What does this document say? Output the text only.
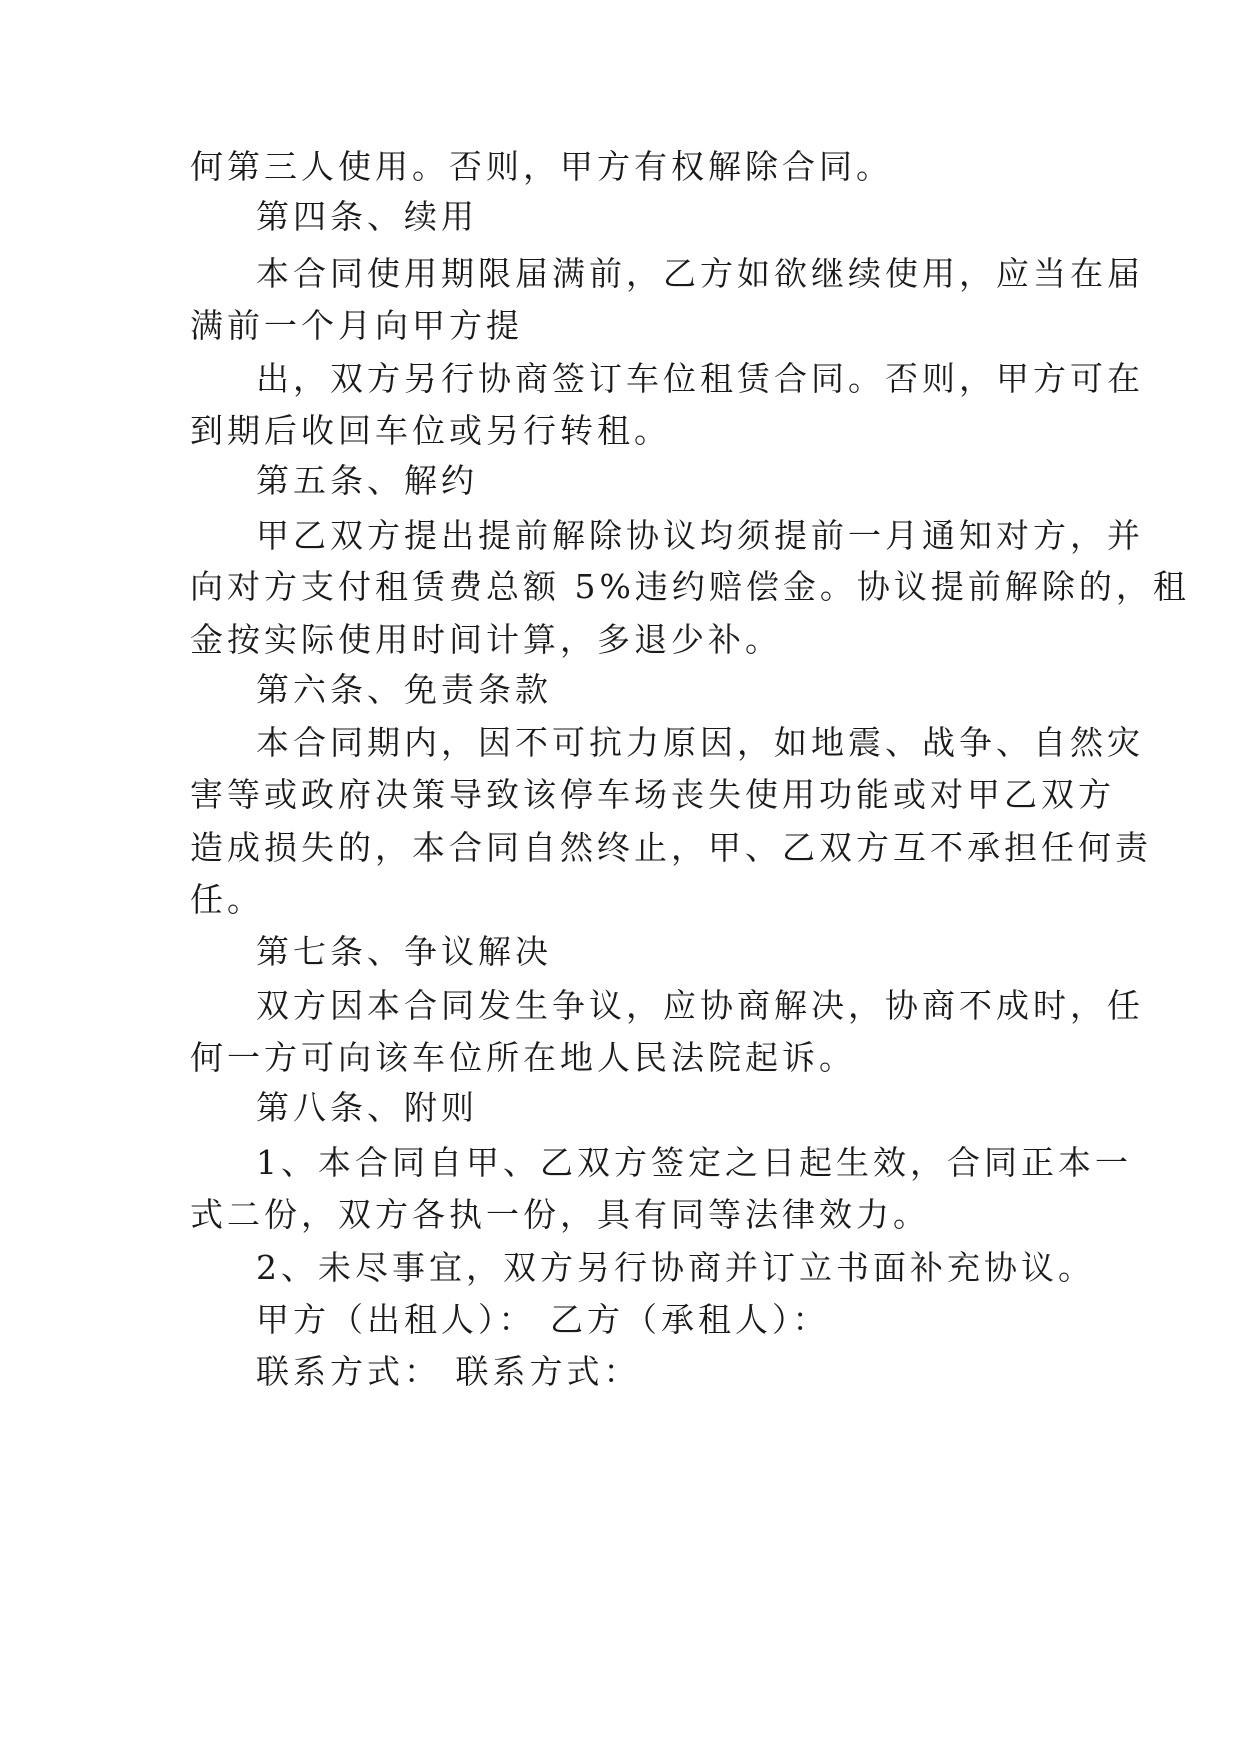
何第三人使用。否则，甲方有权解除合同。
第四条、续用
本合同使用期限届满前，乙方如欲继续使用，应当在届
满前一个月向甲方提
出，双方另行协商签订车位租赁合同。否则，甲方可在
到期后收回车位或另行转租。
第五条、解约
甲乙双方提出提前解除协议均须提前一月通知对方，并
向对方支付租赁费总额 5%违约赔偿金。协议提前解除的，租
金按实际使用时间计算，多退少补。
第六条、免责条款
本合同期内，因不可抗力原因，如地震、战争、自然灾
害等或政府决策导致该停车场丧失使用功能或对甲乙双方
造成损失的，本合同自然终止，甲、乙双方互不承担任何责
任。
第七条、争议解决
双方因本合同发生争议，应协商解决，协商不成时，任
何一方可向该车位所在地人民法院起诉。
第八条、附则
1、本合同自甲、乙双方签定之日起生效，合同正本一
式二份，双方各执一份，具有同等法律效力。
2、未尽事宜，双方另行协商并订立书面补充协议。
甲方（出租人）： 乙方（承租人）：
联系方式： 联系方式：
